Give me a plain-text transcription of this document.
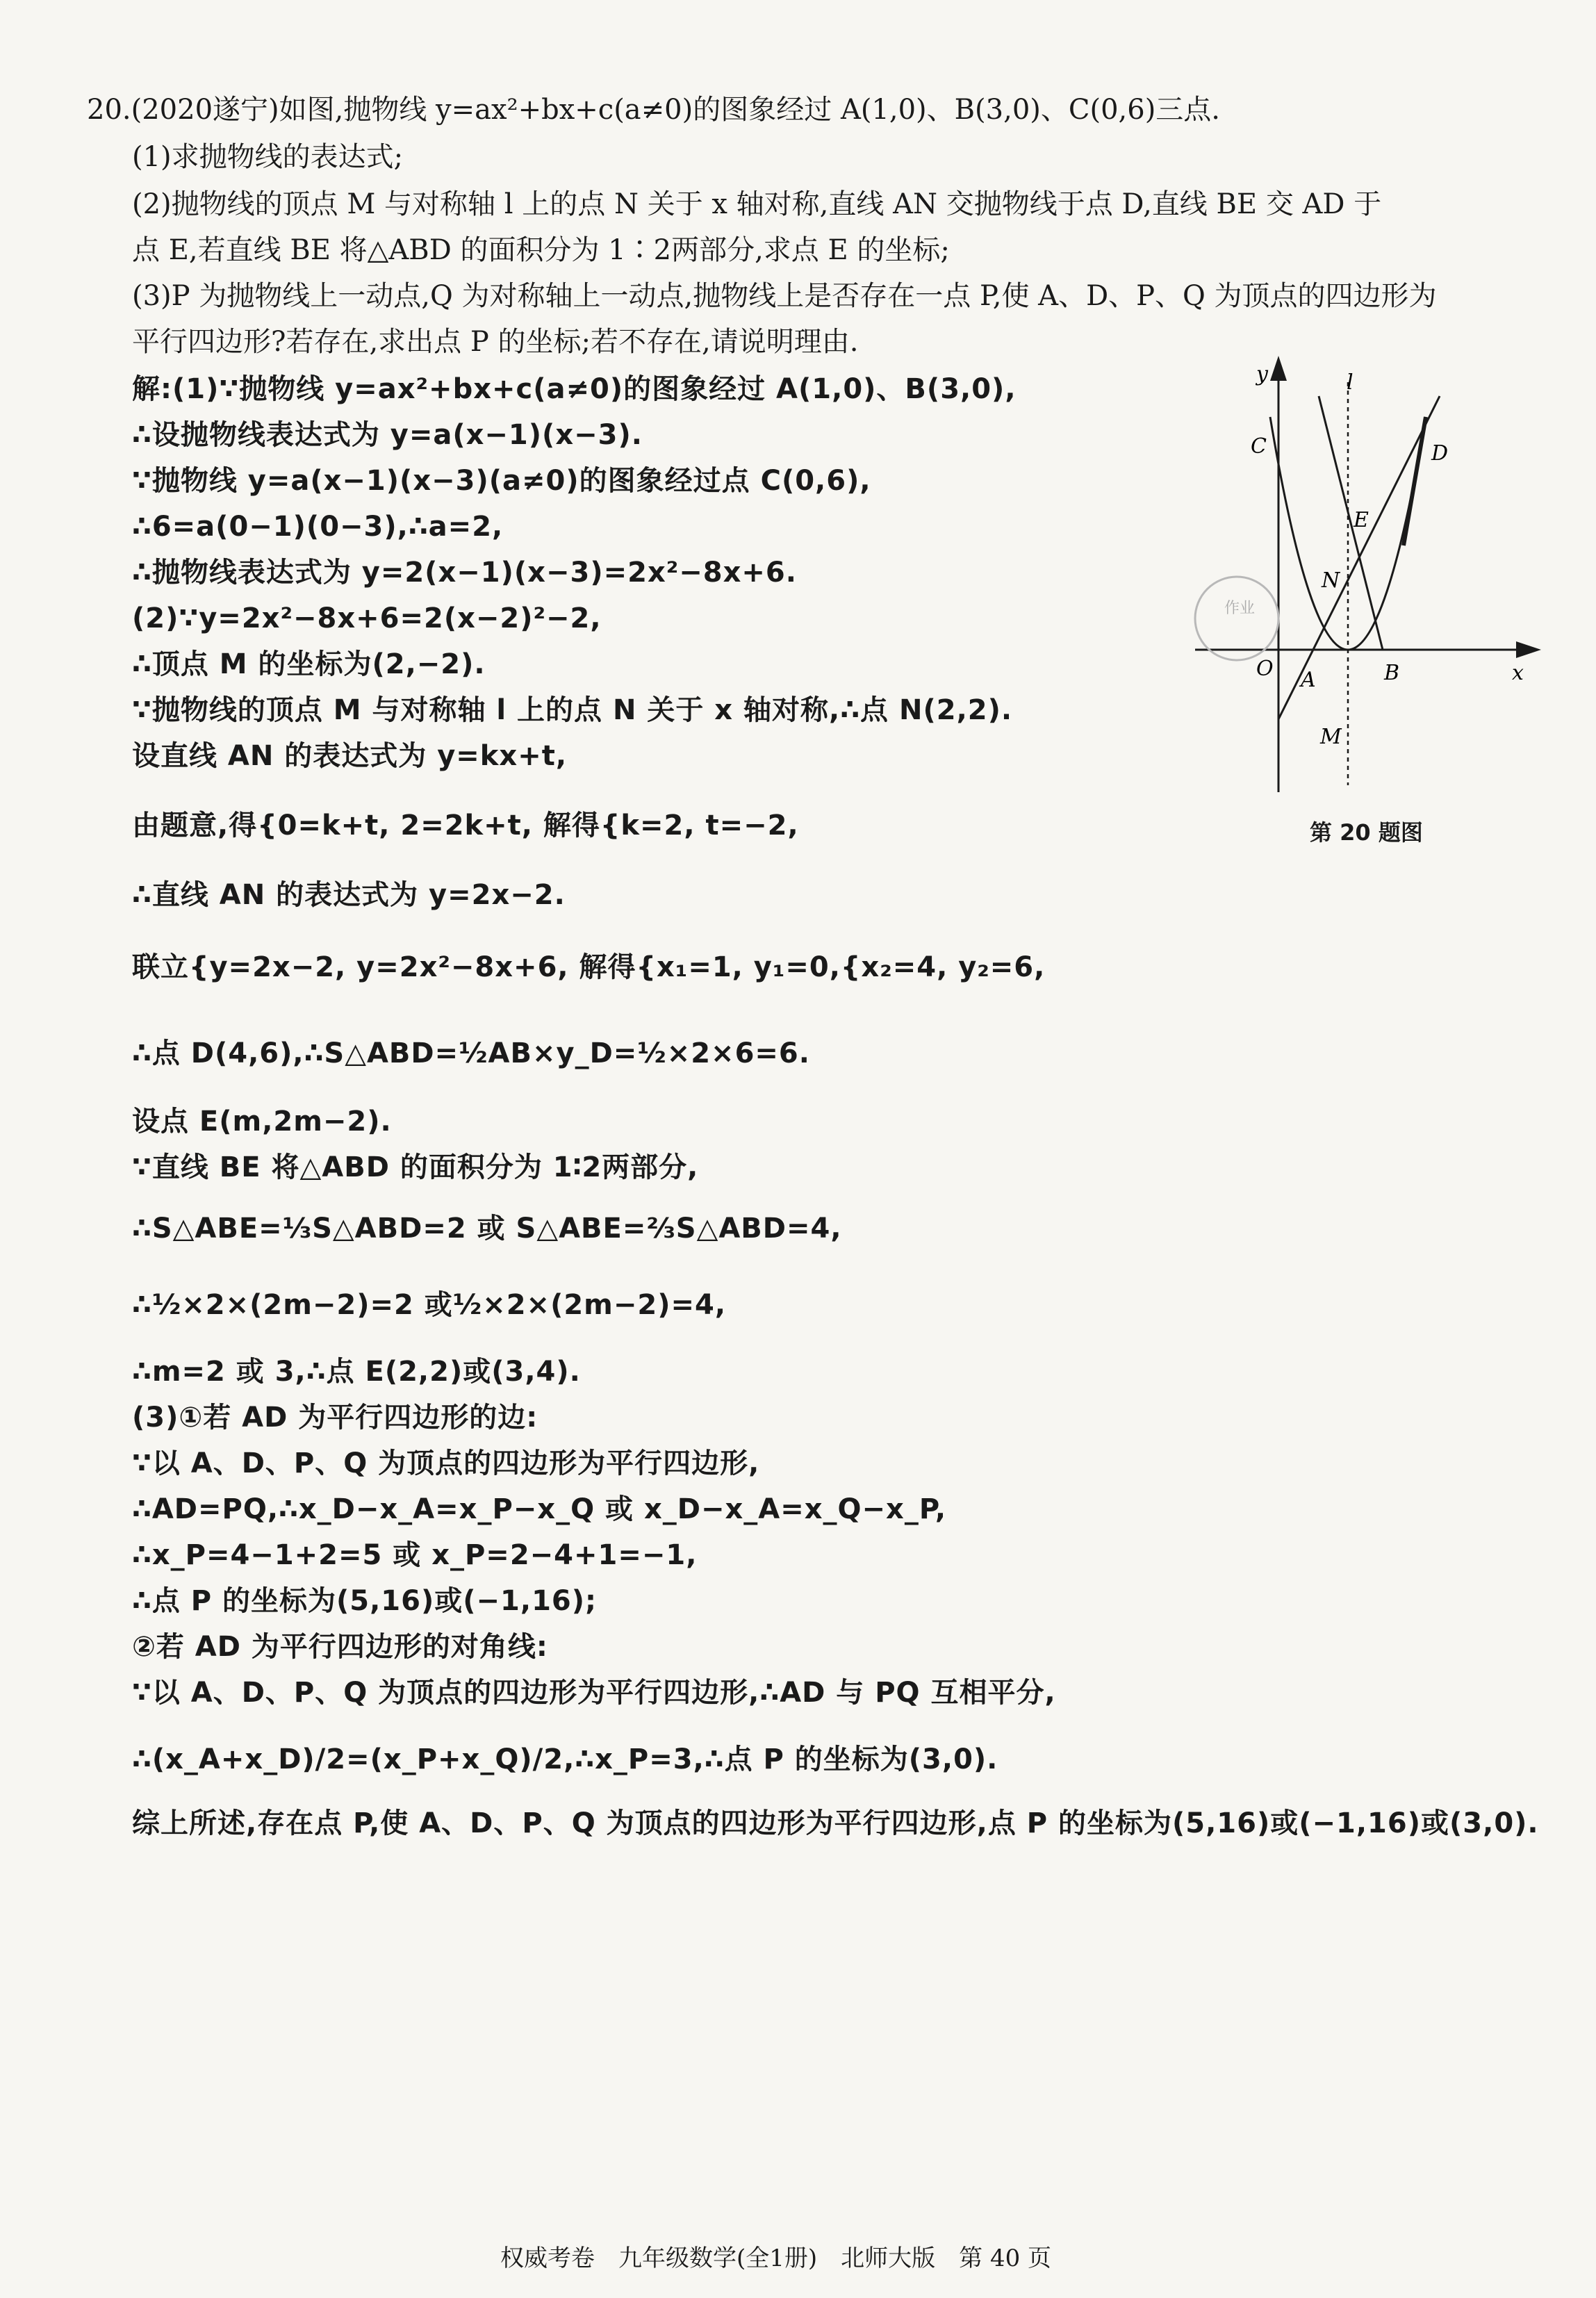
20.(2020遂宁)如图,抛物线 y=ax²+bx+c(a≠0)的图象经过 A(1,0)、B(3,0)、C(0,6)三点.
(1)求抛物线的表达式;
(2)抛物线的顶点 M 与对称轴 l 上的点 N 关于 x 轴对称,直线 AN 交抛物线于点 D,直线 BE 交 AD 于
点 E,若直线 BE 将△ABD 的面积分为 1∶2两部分,求点 E 的坐标;
(3)P 为抛物线上一动点,Q 为对称轴上一动点,抛物线上是否存在一点 P,使 A、D、P、Q 为顶点的四边形为
平行四边形?若存在,求出点 P 的坐标;若不存在,请说明理由.
解:(1)∵抛物线 y=ax²+bx+c(a≠0)的图象经过 A(1,0)、B(3,0),
∴设抛物线表达式为 y=a(x−1)(x−3).
∵抛物线 y=a(x−1)(x−3)(a≠0)的图象经过点 C(0,6),
∴6=a(0−1)(0−3),∴a=2,
∴抛物线表达式为 y=2(x−1)(x−3)=2x²−8x+6.
(2)∵y=2x²−8x+6=2(x−2)²−2,
∴顶点 M 的坐标为(2,−2).
∵抛物线的顶点 M 与对称轴 l 上的点 N 关于 x 轴对称,∴点 N(2,2).
设直线 AN 的表达式为 y=kx+t,
由题意,得{0=k+t, 2=2k+t, 解得{k=2, t=−2,
∴直线 AN 的表达式为 y=2x−2.
联立{y=2x−2, y=2x²−8x+6, 解得{x₁=1, y₁=0,{x₂=4, y₂=6,
∴点 D(4,6),∴S△ABD=½AB×y_D=½×2×6=6.
设点 E(m,2m−2).
∵直线 BE 将△ABD 的面积分为 1∶2两部分,
∴S△ABE=⅓S△ABD=2 或 S△ABE=⅔S△ABD=4,
∴½×2×(2m−2)=2 或½×2×(2m−2)=4,
∴m=2 或 3,∴点 E(2,2)或(3,4).
(3)①若 AD 为平行四边形的边:
∵以 A、D、P、Q 为顶点的四边形为平行四边形,
∴AD=PQ,∴x_D−x_A=x_P−x_Q 或 x_D−x_A=x_Q−x_P,
∴x_P=4−1+2=5 或 x_P=2−4+1=−1,
∴点 P 的坐标为(5,16)或(−1,16);
②若 AD 为平行四边形的对角线:
∵以 A、D、P、Q 为顶点的四边形为平行四边形,∴AD 与 PQ 互相平分,
∴(x_A+x_D)/2=(x_P+x_Q)/2,∴x_P=3,∴点 P 的坐标为(3,0).
综上所述,存在点 P,使 A、D、P、Q 为顶点的四边形为平行四边形,点 P 的坐标为(5,16)或(−1,16)或(3,0).
作业
y
x
l
C	D
E
N
O A	B
M
第 20 题图
权威考卷　九年级数学(全1册)　北师大版　第 40 页
